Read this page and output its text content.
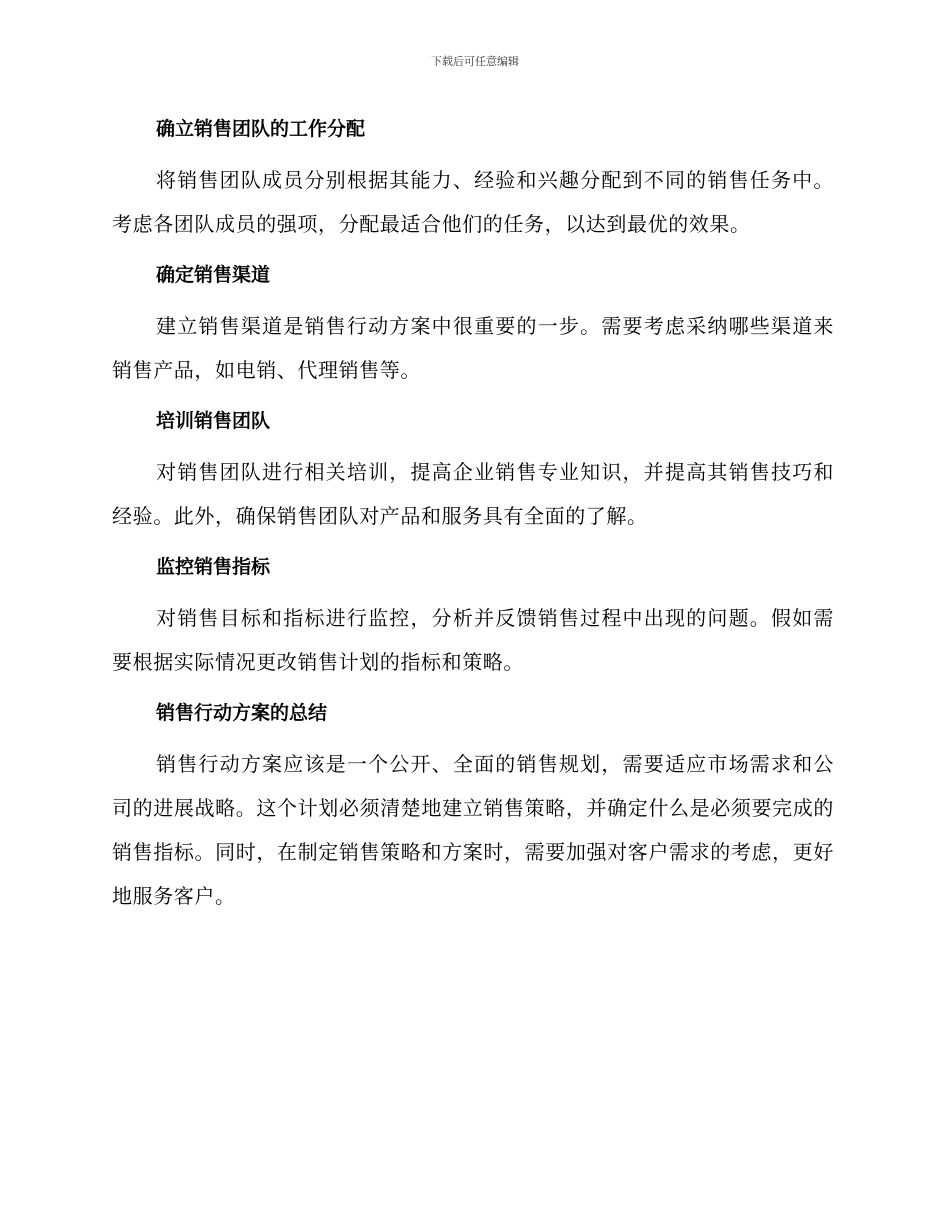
下载后可任意编辑
确立销售团队的工作分配

将销售团队成员分别根据其能力、经验和兴趣分配到不同的销售任务中。考虑各团队成员的强项，分配最适合他们的任务，以达到最优的效果。

确定销售渠道

建立销售渠道是销售行动方案中很重要的一步。需要考虑采纳哪些渠道来销售产品，如电销、代理销售等。

培训销售团队

对销售团队进行相关培训，提高企业销售专业知识，并提高其销售技巧和经验。此外，确保销售团队对产品和服务具有全面的了解。

监控销售指标

对销售目标和指标进行监控，分析并反馈销售过程中出现的问题。假如需要根据实际情况更改销售计划的指标和策略。

销售行动方案的总结

销售行动方案应该是一个公开、全面的销售规划，需要适应市场需求和公司的进展战略。这个计划必须清楚地建立销售策略，并确定什么是必须要完成的销售指标。同时，在制定销售策略和方案时，需要加强对客户需求的考虑，更好地服务客户。
